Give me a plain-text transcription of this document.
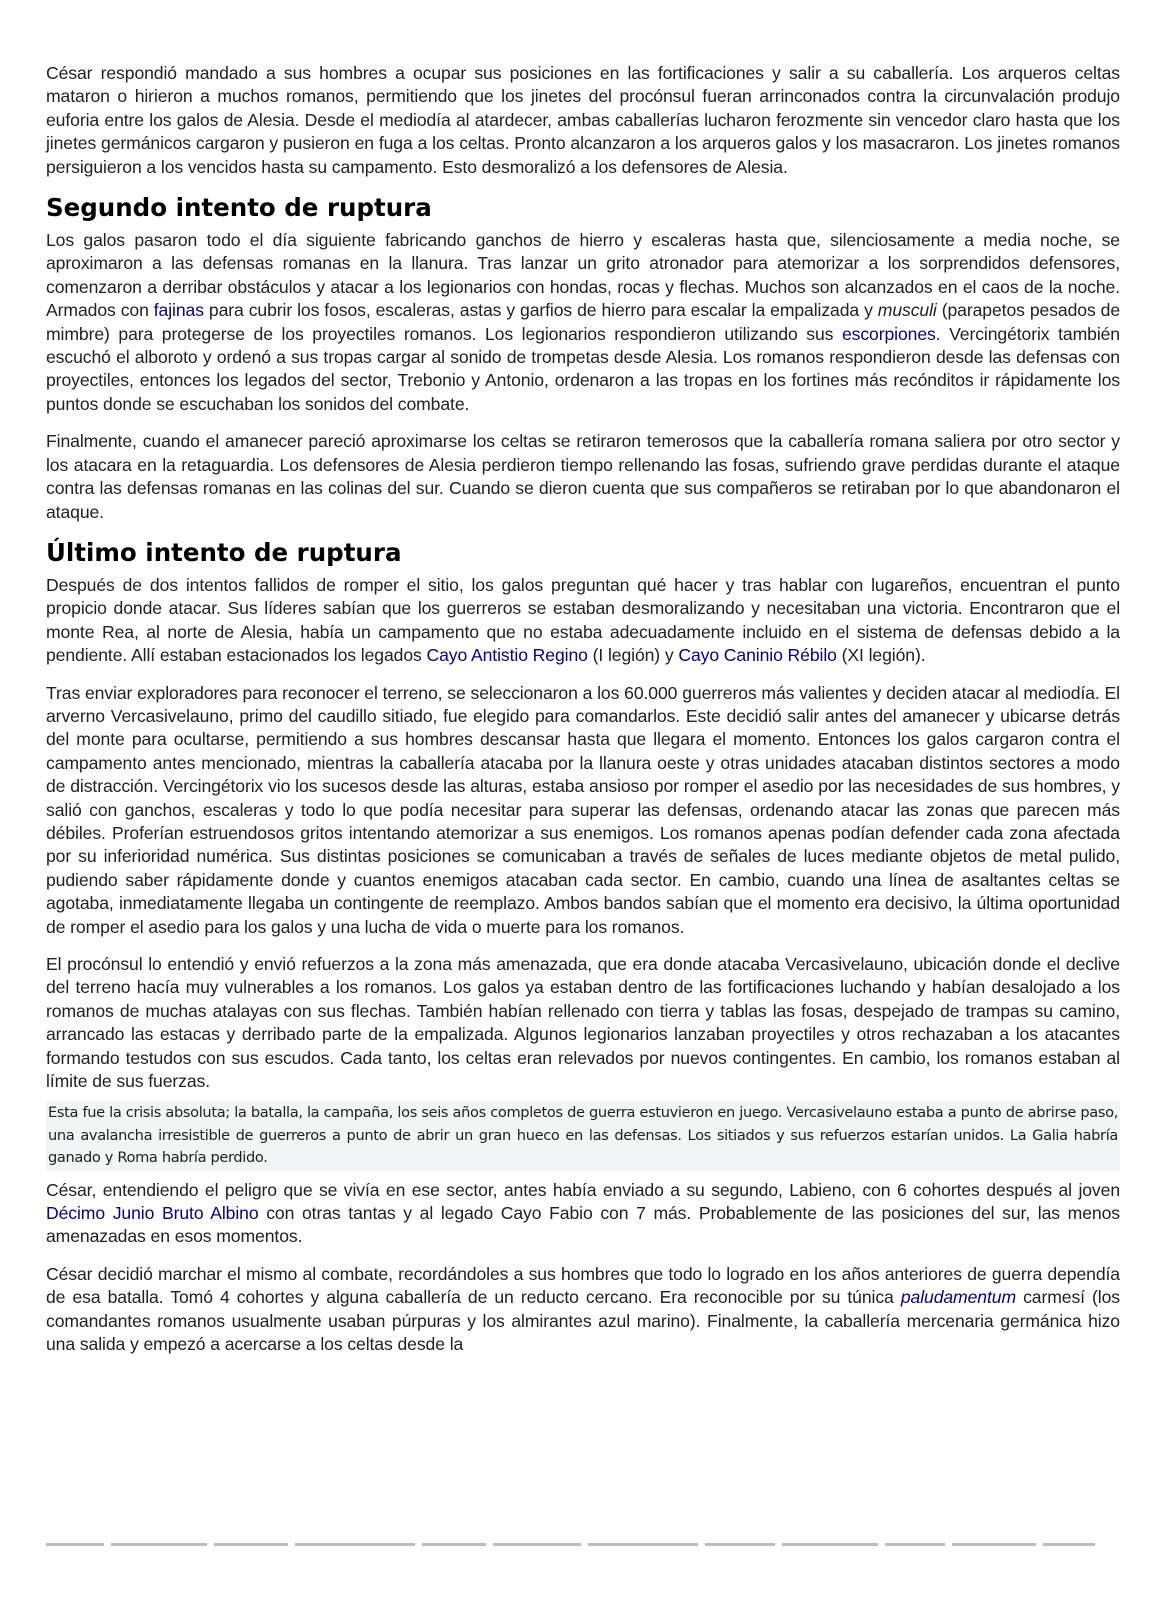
César respondió mandado a sus hombres a ocupar sus posiciones en las fortificaciones y salir a su caballería. Los arqueros celtas mataron o hirieron a muchos romanos, permitiendo que los jinetes del procónsul fueran arrinconados contra la circunvalación produjo euforia entre los galos de Alesia. Desde el mediodía al atardecer, ambas caballerías lucharon ferozmente sin vencedor claro hasta que los jinetes germánicos cargaron y pusieron en fuga a los celtas. Pronto alcanzaron a los arqueros galos y los masacraron. Los jinetes romanos persiguieron a los vencidos hasta su campamento. Esto desmoralizó a los defensores de Alesia.

Segundo intento de ruptura

Los galos pasaron todo el día siguiente fabricando ganchos de hierro y escaleras hasta que, silenciosamente a media noche, se aproximaron a las defensas romanas en la llanura. Tras lanzar un grito atronador para atemorizar a los sorprendidos defensores, comenzaron a derribar obstáculos y atacar a los legionarios con hondas, rocas y flechas. Muchos son alcanzados en el caos de la noche. Armados con fajinas para cubrir los fosos, escaleras, astas y garfios de hierro para escalar la empalizada y musculi (parapetos pesados de mimbre) para protegerse de los proyectiles romanos. Los legionarios respondieron utilizando sus escorpiones. Vercingétorix también escuchó el alboroto y ordenó a sus tropas cargar al sonido de trompetas desde Alesia. Los romanos respondieron desde las defensas con proyectiles, entonces los legados del sector, Trebonio y Antonio, ordenaron a las tropas en los fortines más recónditos ir rápidamente los puntos donde se escuchaban los sonidos del combate.

Finalmente, cuando el amanecer pareció aproximarse los celtas se retiraron temerosos que la caballería romana saliera por otro sector y los atacara en la retaguardia. Los defensores de Alesia perdieron tiempo rellenando las fosas, sufriendo grave perdidas durante el ataque contra las defensas romanas en las colinas del sur. Cuando se dieron cuenta que sus compañeros se retiraban por lo que abandonaron el ataque.

Último intento de ruptura

Después de dos intentos fallidos de romper el sitio, los galos preguntan qué hacer y tras hablar con lugareños, encuentran el punto propicio donde atacar. Sus líderes sabían que los guerreros se estaban desmoralizando y necesitaban una victoria. Encontraron que el monte Rea, al norte de Alesia, había un campamento que no estaba adecuadamente incluido en el sistema de defensas debido a la pendiente. Allí estaban estacionados los legados Cayo Antistio Regino (I legión) y Cayo Caninio Rébilo (XI legión).

Tras enviar exploradores para reconocer el terreno, se seleccionaron a los 60.000 guerreros más valientes y deciden atacar al mediodía. El arverno Vercasivelauno, primo del caudillo sitiado, fue elegido para comandarlos. Este decidió salir antes del amanecer y ubicarse detrás del monte para ocultarse, permitiendo a sus hombres descansar hasta que llegara el momento. Entonces los galos cargaron contra el campamento antes mencionado, mientras la caballería atacaba por la llanura oeste y otras unidades atacaban distintos sectores a modo de distracción. Vercingétorix vio los sucesos desde las alturas, estaba ansioso por romper el asedio por las necesidades de sus hombres, y salió con ganchos, escaleras y todo lo que podía necesitar para superar las defensas, ordenando atacar las zonas que parecen más débiles. Proferían estruendosos gritos intentando atemorizar a sus enemigos. Los romanos apenas podían defender cada zona afectada por su inferioridad numérica. Sus distintas posiciones se comunicaban a través de señales de luces mediante objetos de metal pulido, pudiendo saber rápidamente donde y cuantos enemigos atacaban cada sector. En cambio, cuando una línea de asaltantes celtas se agotaba, inmediatamente llegaba un contingente de reemplazo. Ambos bandos sabían que el momento era decisivo, la última oportunidad de romper el asedio para los galos y una lucha de vida o muerte para los romanos.

El procónsul lo entendió y envió refuerzos a la zona más amenazada, que era donde atacaba Vercasivelauno, ubicación donde el declive del terreno hacía muy vulnerables a los romanos. Los galos ya estaban dentro de las fortificaciones luchando y habían desalojado a los romanos de muchas atalayas con sus flechas. También habían rellenado con tierra y tablas las fosas, despejado de trampas su camino, arrancado las estacas y derribado parte de la empalizada. Algunos legionarios lanzaban proyectiles y otros rechazaban a los atacantes formando testudos con sus escudos. Cada tanto, los celtas eran relevados por nuevos contingentes. En cambio, los romanos estaban al límite de sus fuerzas.

Esta fue la crisis absoluta; la batalla, la campaña, los seis años completos de guerra estuvieron en juego. Vercasivelauno estaba a punto de abrirse paso, una avalancha irresistible de guerreros a punto de abrir un gran hueco en las defensas. Los sitiados y sus refuerzos estarían unidos. La Galia habría ganado y Roma habría perdido.

César, entendiendo el peligro que se vivía en ese sector, antes había enviado a su segundo, Labieno, con 6 cohortes después al joven Décimo Junio Bruto Albino con otras tantas y al legado Cayo Fabio con 7 más. Probablemente de las posiciones del sur, las menos amenazadas en esos momentos.

César decidió marchar el mismo al combate, recordándoles a sus hombres que todo lo logrado en los años anteriores de guerra dependía de esa batalla. Tomó 4 cohortes y alguna caballería de un reducto cercano. Era reconocible por su túnica paludamentum carmesí (los comandantes romanos usualmente usaban púrpuras y los almirantes azul marino). Finalmente, la caballería mercenaria germánica hizo una salida y empezó a acercarse a los celtas desde la
